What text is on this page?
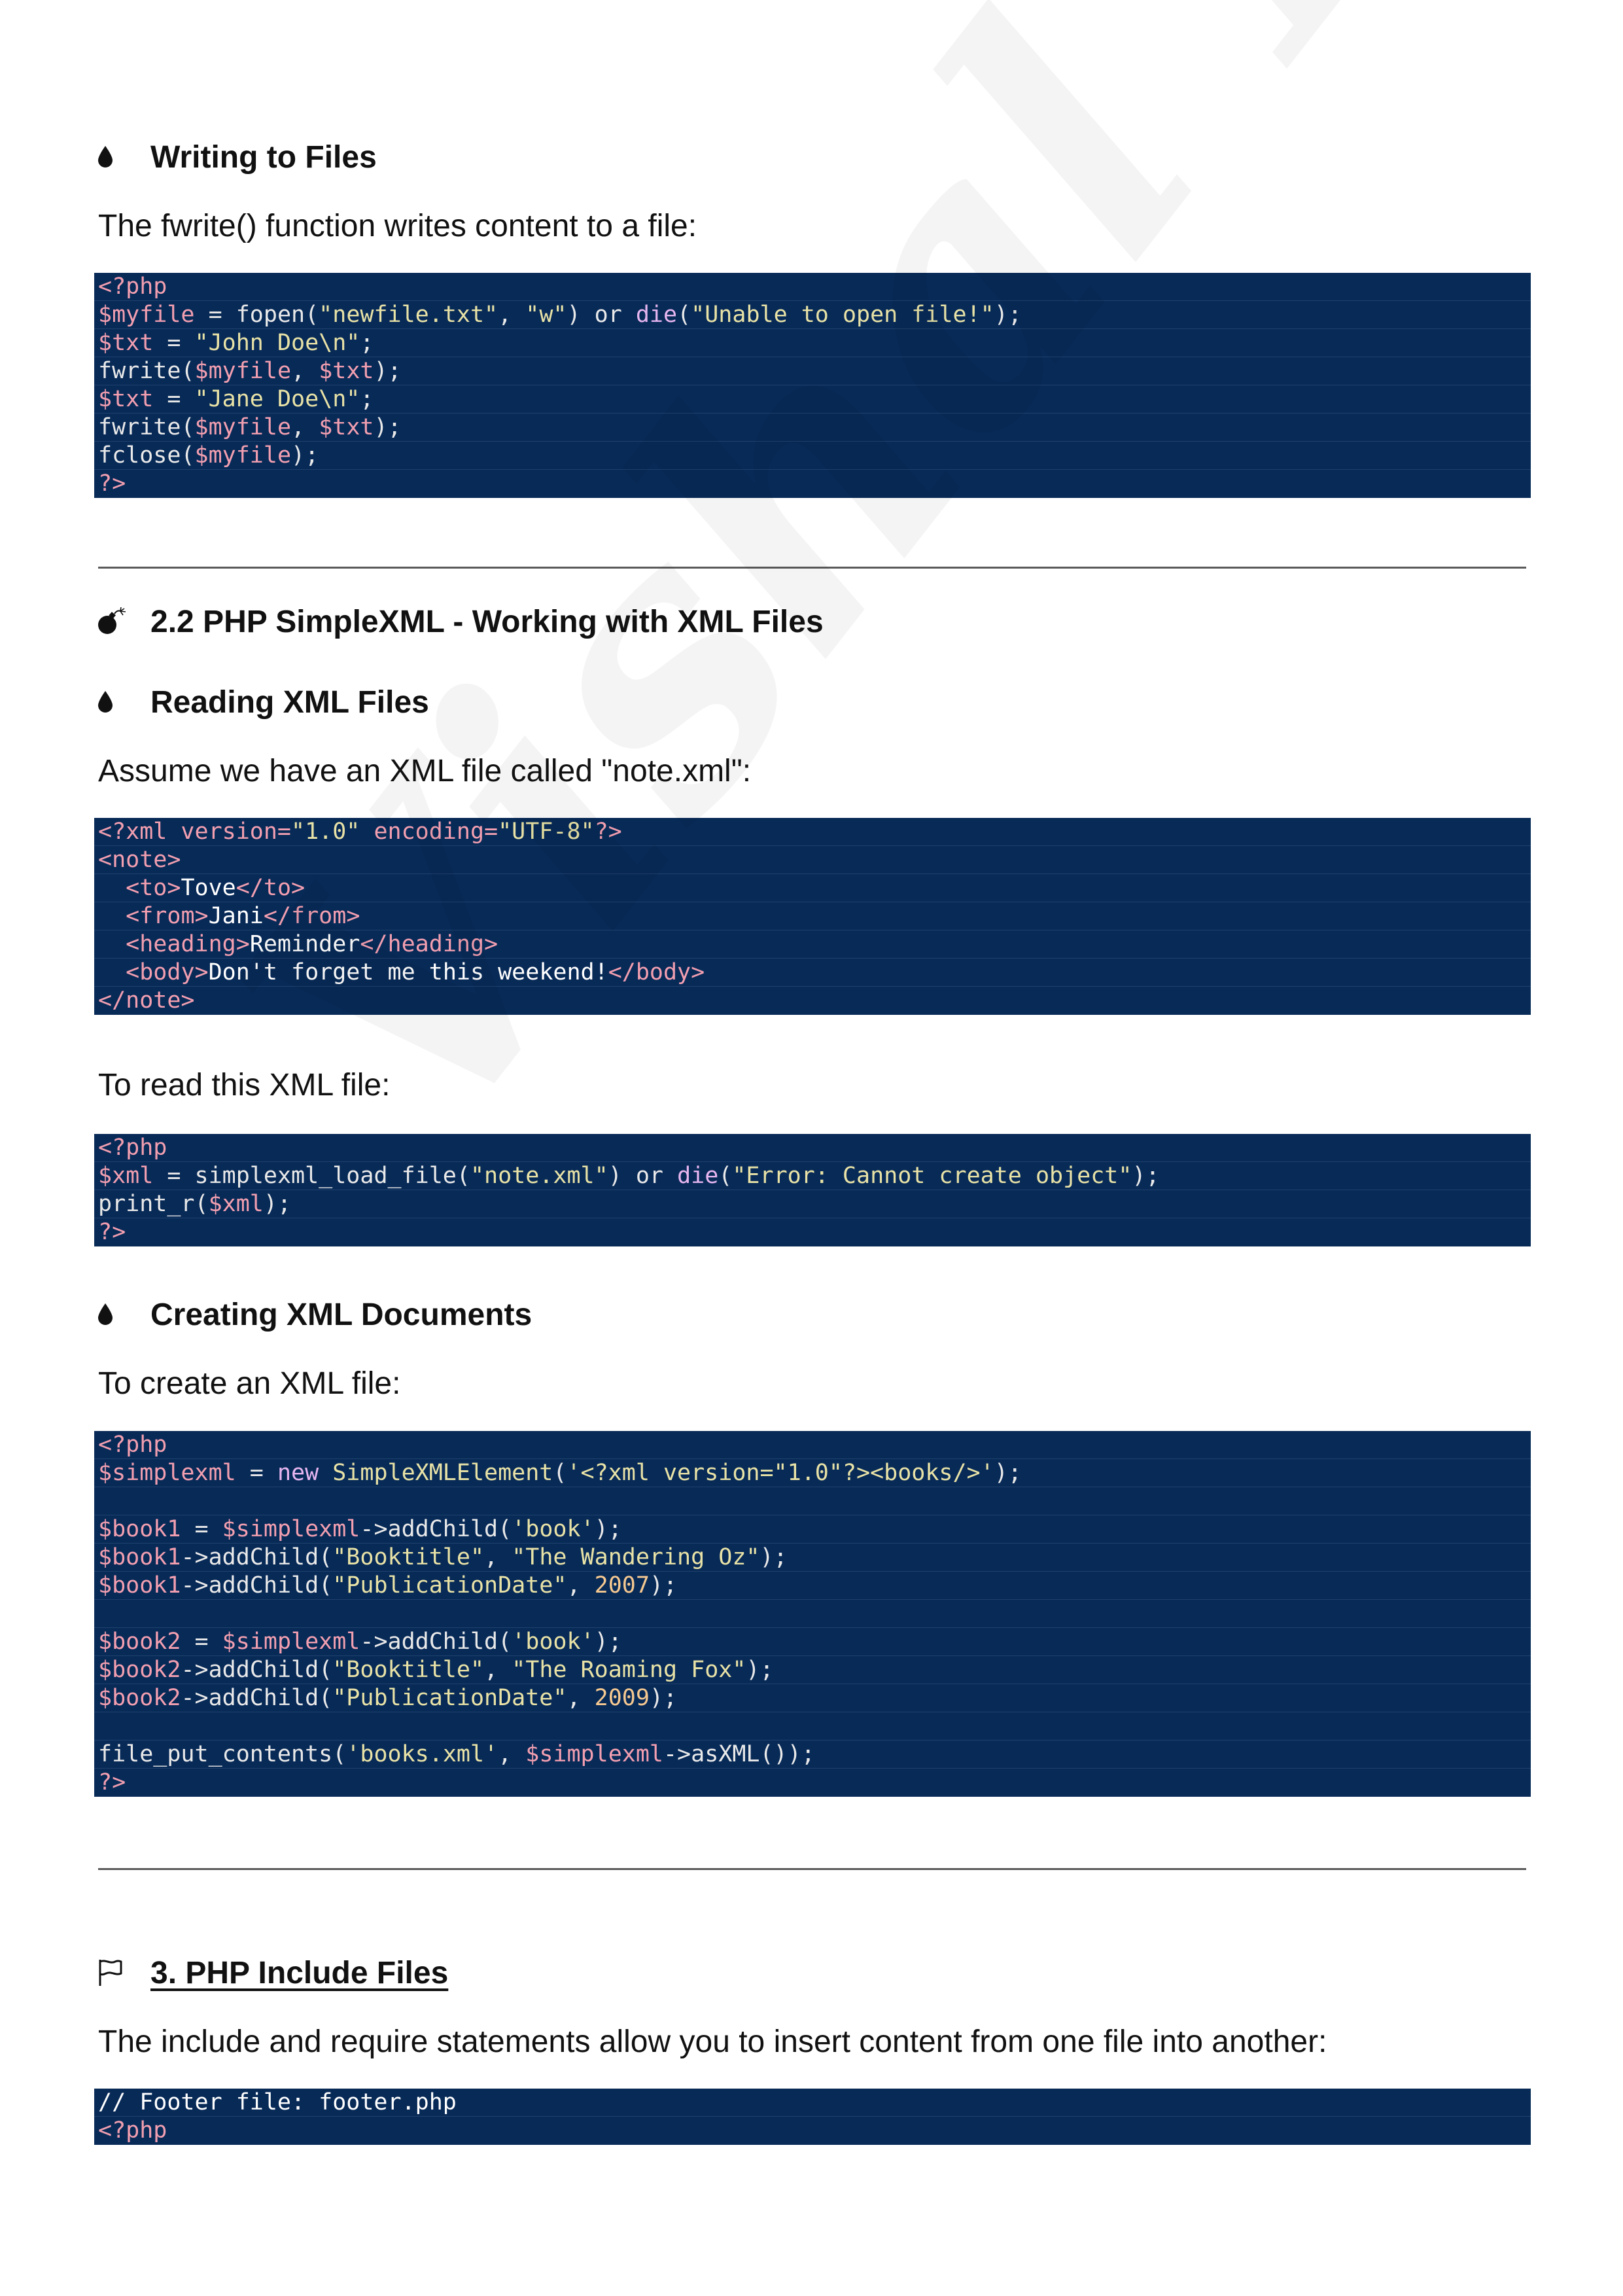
Writing to Files
The fwrite() function writes content to a file:
<?php
$myfile = fopen("newfile.txt", "w") or die("Unable to open file!");
$txt = "John Doe\n";
fwrite($myfile, $txt);
$txt = "Jane Doe\n";
fwrite($myfile, $txt);
fclose($myfile);
?>
2.2 PHP SimpleXML - Working with XML Files
Reading XML Files
Assume we have an XML file called "note.xml":
<?xml version="1.0" encoding="UTF-8"?>
<note>
<to>Tove</to>
<from>Jani</from>
<heading>Reminder</heading>
<body>Don't forget me this weekend!</body>
</note>
To read this XML file:
<?php
$xml = simplexml_load_file("note.xml") or die("Error: Cannot create object");
print_r($xml);
?>
Creating XML Documents
To create an XML file:
<?php
$simplexml = new SimpleXMLElement('<?xml version="1.0"?><books/>');

$book1 = $simplexml->addChild('book');
$book1->addChild("Booktitle", "The Wandering Oz");
$book1->addChild("PublicationDate", 2007);

$book2 = $simplexml->addChild('book');
$book2->addChild("Booktitle", "The Roaming Fox");
$book2->addChild("PublicationDate", 2009);

file_put_contents('books.xml', $simplexml->asXML());
?>
3. PHP Include Files
The include and require statements allow you to insert content from one file into another:
// Footer file: footer.php
<?php
